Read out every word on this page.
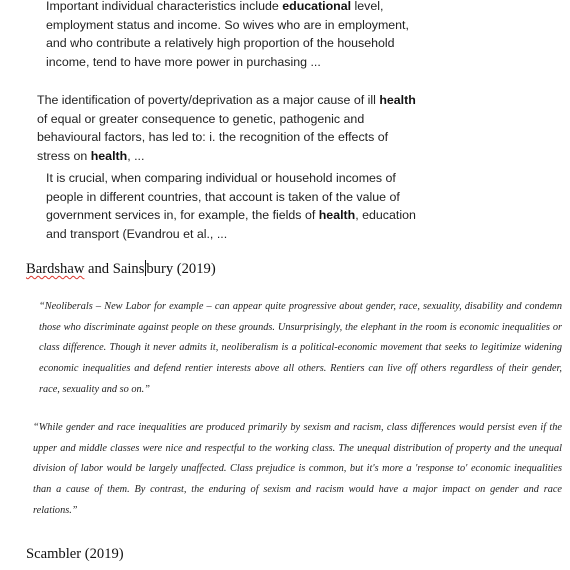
Important individual characteristics include educational level, employment status and income. So wives who are in employment, and who contribute a relatively high proportion of the household income, tend to have more power in purchasing ...
The identification of poverty/deprivation as a major cause of ill health of equal or greater consequence to genetic, pathogenic and behavioural factors, has led to: i. the recognition of the effects of stress on health, ...
It is crucial, when comparing individual or household incomes of people in different countries, that account is taken of the value of government services in, for example, the fields of health, education and transport (Evandrou et al., ...

Bardshaw and Sains bury (2019)

“Neoliberals – New Labor for example – can appear quite progressive about gender, race, sexuality, disability and condemn those who discriminate against people on these grounds. Unsurprisingly, the elephant in the room is economic inequalities or class difference. Though it never admits it, neoliberalism is a political-economic movement that seeks to legitimize widening economic inequalities and defend rentier interests above all others. Rentiers can live off others regardless of their gender, race, sexuality and so on.”

“While gender and race inequalities are produced primarily by sexism and racism, class differences would persist even if the upper and middle classes were nice and respectful to the working class. The unequal distribution of property and the unequal division of labor would be largely unaffected. Class prejudice is common, but it's more a 'response to' economic inequalities than a cause of them. By contrast, the enduring of sexism and racism would have a major impact on gender and race relations.”

Scambler (2019)
